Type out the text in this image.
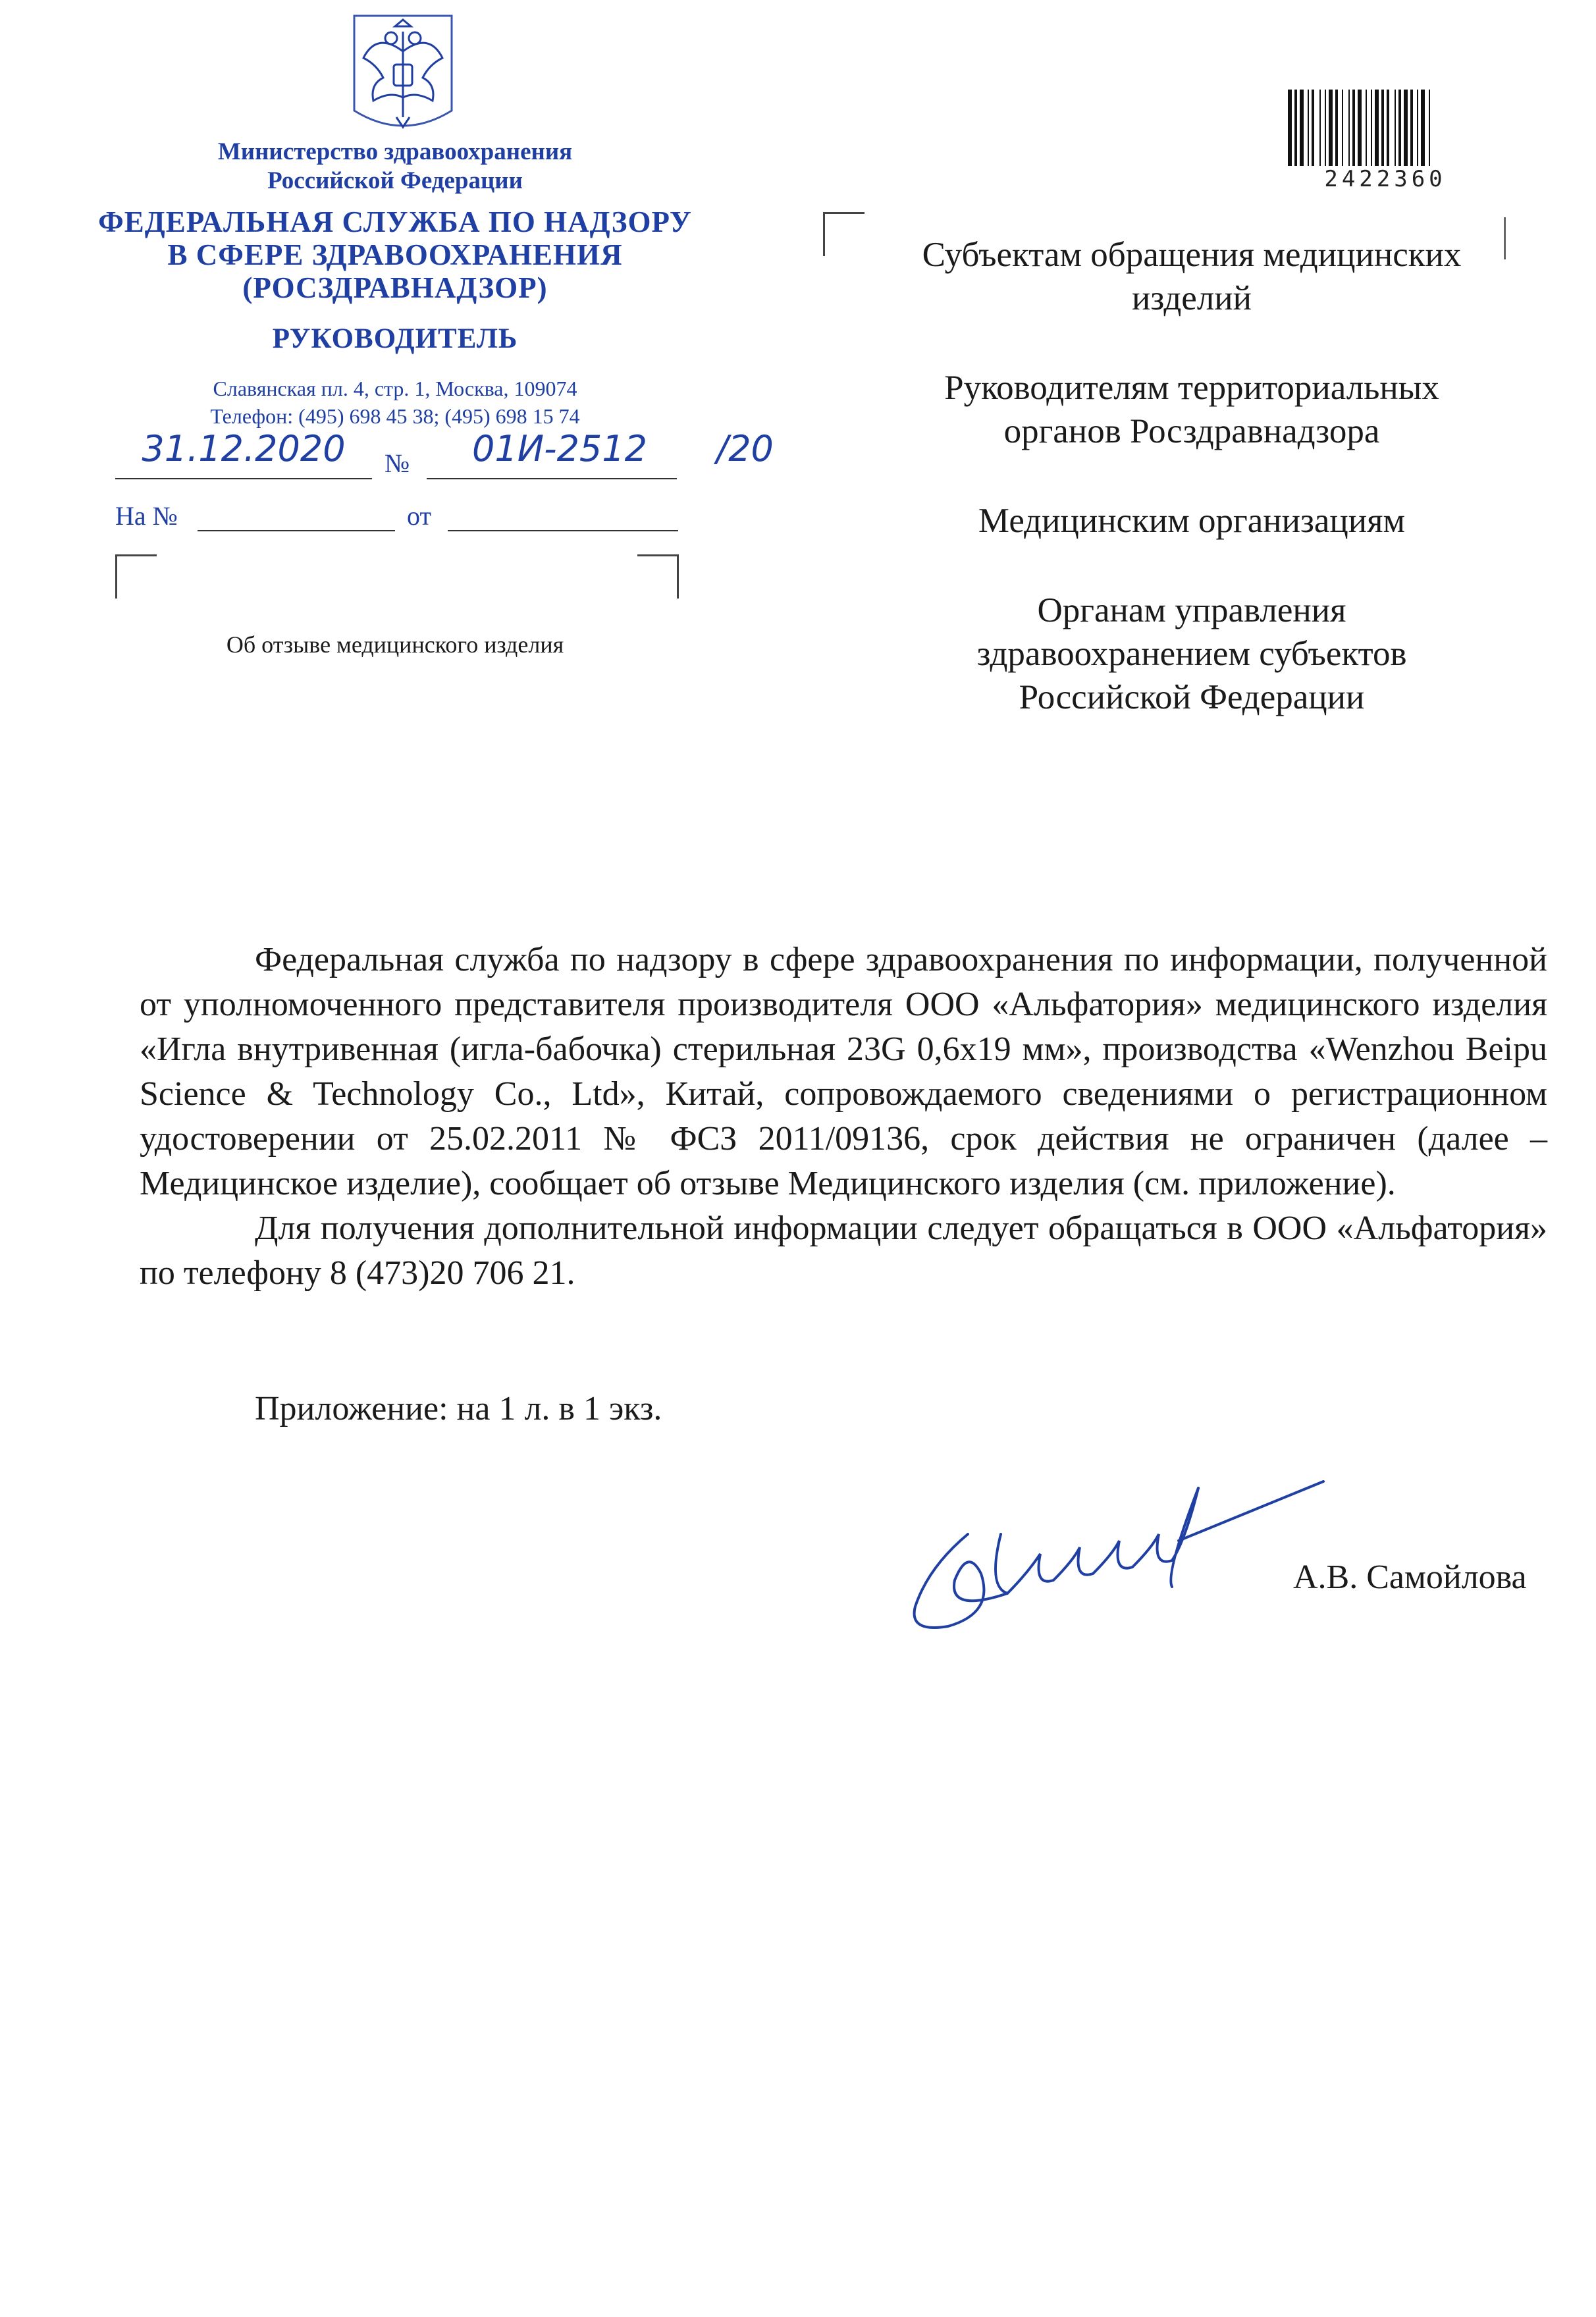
Министерство здравоохранения
Российской Федерации
ФЕДЕРАЛЬНАЯ СЛУЖБА ПО НАДЗОРУ
В СФЕРЕ ЗДРАВООХРАНЕНИЯ
(РОСЗДРАВНАДЗОР)
РУКОВОДИТЕЛЬ
Славянская пл. 4, стр. 1, Москва, 109074
Телефон: (495) 698 45 38; (495) 698 15 74
31.12.2020	№	01И-2512	/20
На №	от
Об отзыве медицинского изделия
2422360

Субъектам обращения медицинских изделий

Руководителям территориальных органов Росздравнадзора

Медицинским организациям

Органам управления здравоохранением субъектов Российской Федерации

Федеральная служба по надзору в сфере здравоохранения по информации, полученной от уполномоченного представителя производителя ООО «Альфатория» медицинского изделия «Игла внутривенная (игла-бабочка) стерильная 23G 0,6x19 мм», производства «Wenzhou Beipu Science & Technology Co., Ltd», Китай, сопровождаемого сведениями о регистрационном удостоверении от 25.02.2011 № ФСЗ 2011/09136, срок действия не ограничен (далее – Медицинское изделие), сообщает об отзыве Медицинского изделия (см. приложение).

Для получения дополнительной информации следует обращаться в ООО «Альфатория» по телефону 8 (473)20 706 21.

Приложение: на 1 л. в 1 экз.
А.В. Самойлова
